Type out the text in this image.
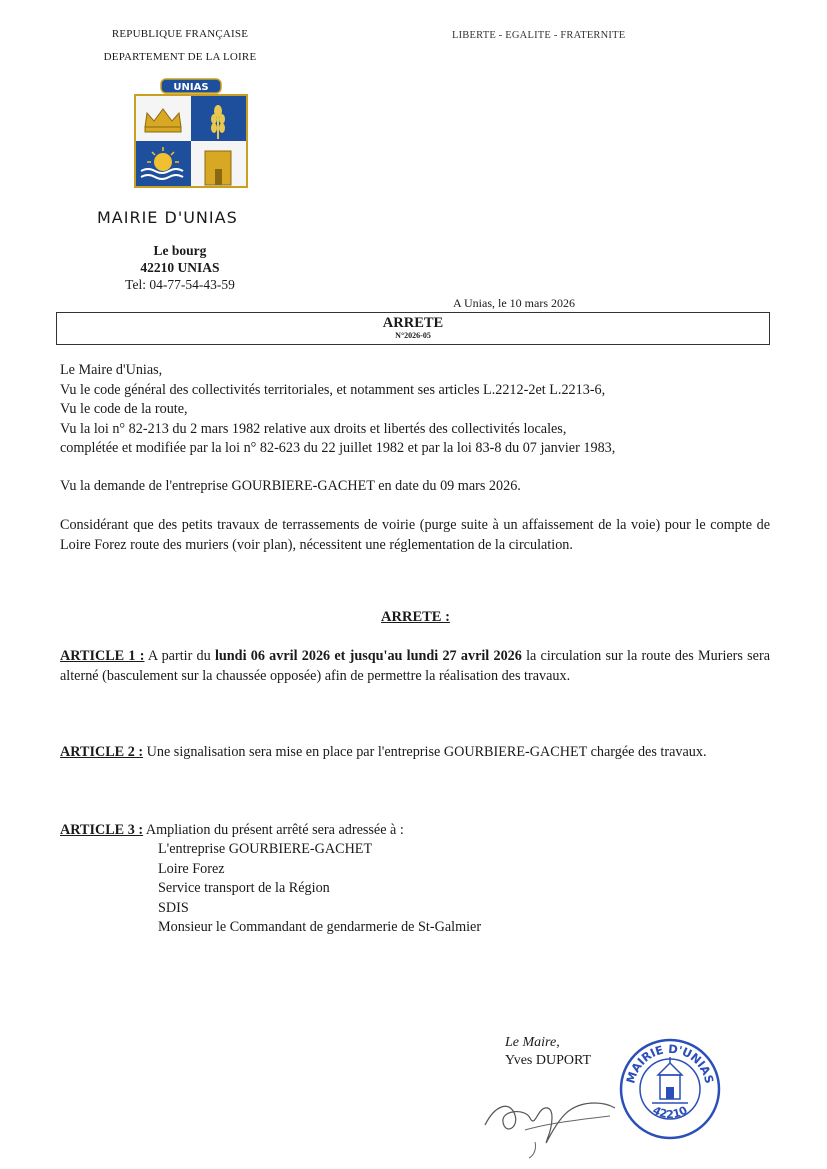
REPUBLIQUE FRANÇAISE
DEPARTEMENT DE LA LOIRE
LIBERTE - EGALITE - FRATERNITE
UNIAS
MAIRIE D'UNIAS
Le bourg
42210 UNIAS
Tel: 04-77-54-43-59
A Unias, le 10 mars 2026
ARRETE
N°2026-05
Le Maire d'Unias,
Vu le code général des collectivités territoriales, et notamment ses articles L.2212-2et L.2213-6,
Vu le code de la route,
Vu la loi n° 82-213 du 2 mars 1982 relative aux droits et libertés des collectivités locales,
complétée et modifiée par la loi n° 82-623 du 22 juillet 1982 et par la loi 83-8 du 07 janvier 1983,
Vu la demande de l'entreprise GOURBIERE-GACHET en date du 09 mars 2026.
Considérant que des petits travaux de terrassements de voirie (purge suite à un affaissement de la voie) pour le compte de Loire Forez route des muriers (voir plan), nécessitent une réglementation de la circulation.
ARRETE :
ARTICLE 1 : A partir du lundi 06 avril 2026 et jusqu'au lundi 27 avril 2026 la circulation sur la route des Muriers sera alterné (basculement sur la chaussée opposée) afin de permettre la réalisation des travaux.
ARTICLE 2 : Une signalisation sera mise en place par l'entreprise GOURBIERE-GACHET chargée des travaux.
ARTICLE 3 : Ampliation du présent arrêté sera adressée à :
L'entreprise GOURBIERE-GACHET
Loire Forez
Service transport de la Région
SDIS
Monsieur le Commandant de gendarmerie de St-Galmier
Le Maire,
Yves DUPORT
MAIRIE D'UNIAS
42210
